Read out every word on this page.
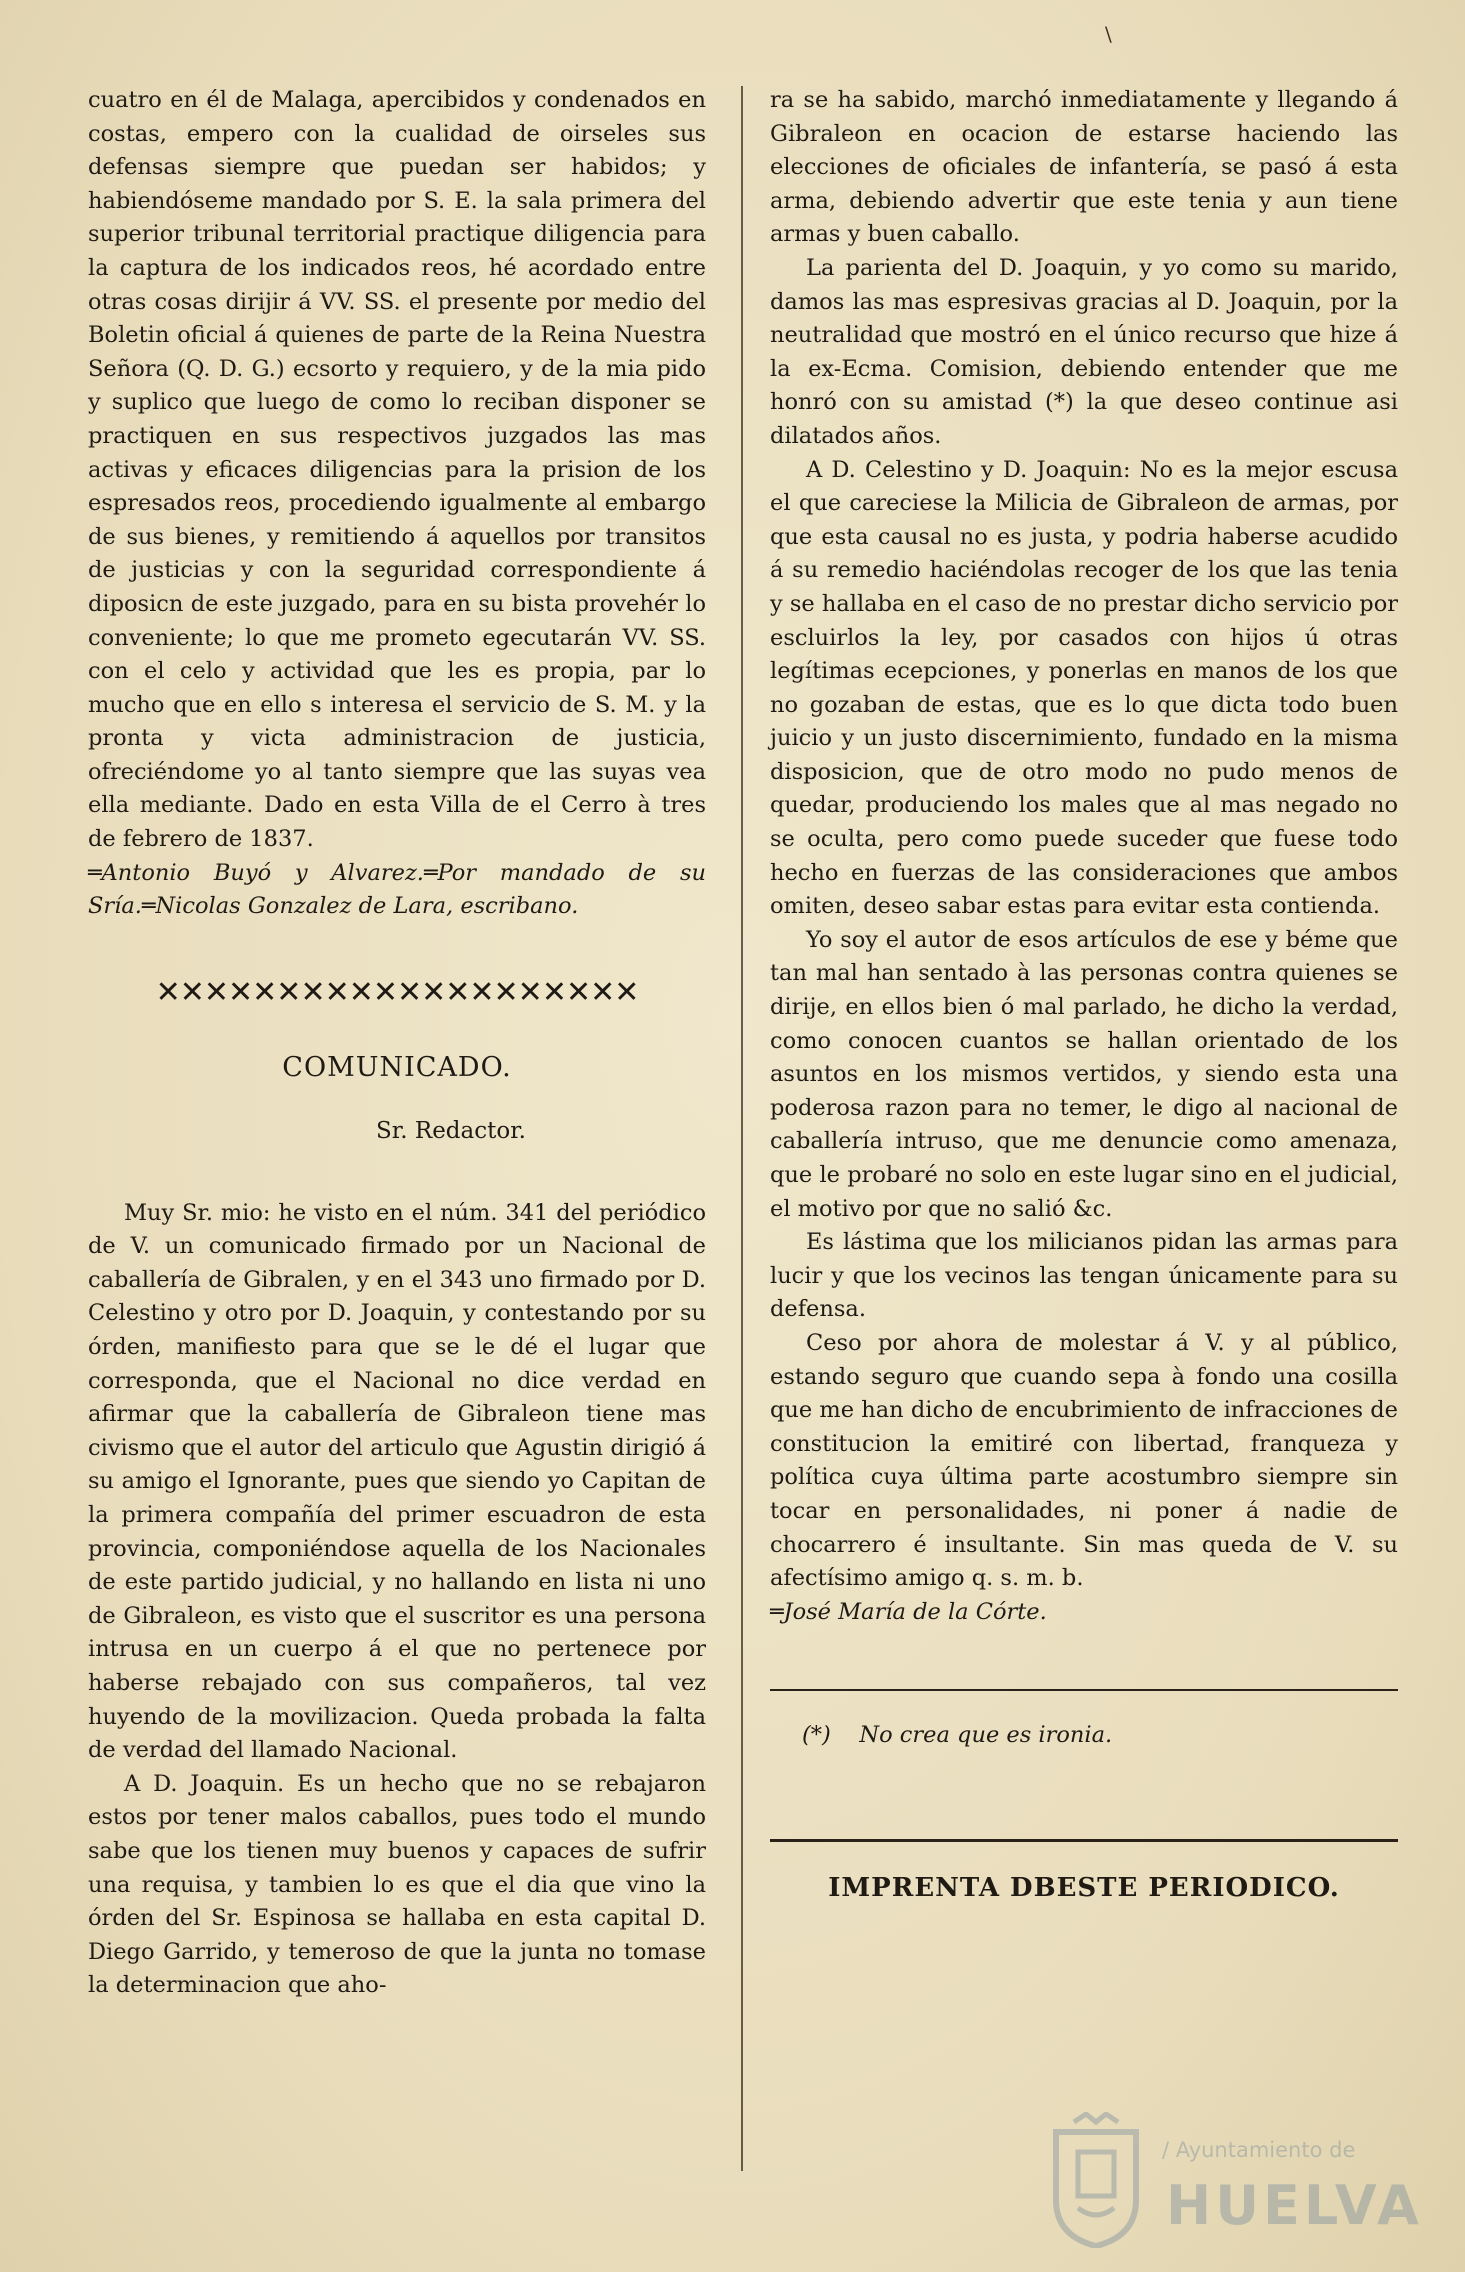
\

cuatro en él de Malaga, apercibidos y condenados en costas, empero con la cualidad de oirseles sus defensas siempre que puedan ser habidos; y habiendóseme mandado por S. E. la sala primera del superior tribunal territorial practique diligencia para la captura de los indicados reos, hé acordado entre otras cosas dirijir á VV. SS. el presente por medio del Boletin oficial á quienes de parte de la Reina Nuestra Señora (Q. D. G.) ecsorto y requiero, y de la mia pido y suplico que luego de como lo reciban disponer se practiquen en sus respectivos juzgados las mas activas y eficaces diligencias para la prision de los espresados reos, procediendo igualmente al embargo de sus bienes, y remitiendo á aquellos por transitos de justicias y con la seguridad correspondiente á diposicn de este juzgado, para en su bista provehér lo conveniente; lo que me prometo egecutarán VV. SS. con el celo y actividad que les es propia, par lo mucho que en ello s interesa el servicio de S. M. y la pronta y victa administracion de justicia, ofreciéndome yo al tanto siempre que las suyas vea ella mediante. Dado en esta Villa de el Cerro à tres de febrero de 1837.

═Antonio Buyó y Alvarez.═Por mandado de su Sría.═Nicolas Gonzalez de Lara, escribano.

✕✕✕✕✕✕✕✕✕✕✕✕✕✕✕✕✕✕✕✕
COMUNICADO.
Sr. Redactor.

Muy Sr. mio: he visto en el núm. 341 del periódico de V. un comunicado firmado por un Nacional de caballería de Gibralen, y en el 343 uno firmado por D. Celestino y otro por D. Joaquin, y contestando por su órden, manifiesto para que se le dé el lugar que corresponda, que el Nacional no dice verdad en afirmar que la caballería de Gibraleon tiene mas civismo que el autor del articulo que Agustin dirigió á su amigo el Ignorante, pues que siendo yo Capitan de la primera compañía del primer escuadron de esta provincia, componiéndose aquella de los Nacionales de este partido judicial, y no hallando en lista ni uno de Gibraleon, es visto que el suscritor es una persona intrusa en un cuerpo á el que no pertenece por haberse rebajado con sus compañeros, tal vez huyendo de la movilizacion. Queda probada la falta de verdad del llamado Nacional.

A D. Joaquin. Es un hecho que no se rebajaron estos por tener malos caballos, pues todo el mundo sabe que los tienen muy buenos y capaces de sufrir una requisa, y tambien lo es que el dia que vino la órden del Sr. Espinosa se hallaba en esta capital D. Diego Garrido, y temeroso de que la junta no tomase la determinacion que aho-

ra se ha sabido, marchó inmediatamente y llegando á Gibraleon en ocacion de estarse haciendo las elecciones de oficiales de infantería, se pasó á esta arma, debiendo advertir que este tenia y aun tiene armas y buen caballo.

La parienta del D. Joaquin, y yo como su marido, damos las mas espresivas gracias al D. Joaquin, por la neutralidad que mostró en el único recurso que hize á la ex-Ecma. Comision, debiendo entender que me honró con su amistad (*) la que deseo continue asi dilatados años.

A D. Celestino y D. Joaquin: No es la mejor escusa el que careciese la Milicia de Gibraleon de armas, por que esta causal no es justa, y podria haberse acudido á su remedio haciéndolas recoger de los que las tenia y se hallaba en el caso de no prestar dicho servicio por escluirlos la ley, por casados con hijos ú otras legítimas ecepciones, y ponerlas en manos de los que no gozaban de estas, que es lo que dicta todo buen juicio y un justo discernimiento, fundado en la misma disposicion, que de otro modo no pudo menos de quedar, produciendo los males que al mas negado no se oculta, pero como puede suceder que fuese todo hecho en fuerzas de las consideraciones que ambos omiten, deseo sabar estas para evitar esta contienda.

Yo soy el autor de esos artículos de ese y béme que tan mal han sentado à las personas contra quienes se dirije, en ellos bien ó mal parlado, he dicho la verdad, como conocen cuantos se hallan orientado de los asuntos en los mismos vertidos, y siendo esta una poderosa razon para no temer, le digo al nacional de caballería intruso, que me denuncie como amenaza, que le probaré no solo en este lugar sino en el judicial, el motivo por que no salió &c.

Es lástima que los milicianos pidan las armas para lucir y que los vecinos las tengan únicamente para su defensa.

Ceso por ahora de molestar á V. y al público, estando seguro que cuando sepa à fondo una cosilla que me han dicho de encubrimiento de infracciones de constitucion la emitiré con libertad, franqueza y política cuya última parte acostumbro siempre sin tocar en personalidades, ni poner á nadie de chocarrero é insultante. Sin mas queda de V. su afectísimo amigo q. s. m. b.

═José María de la Córte.

(*) No crea que es ironia.

IMPRENTA DBESTE PERIODICO.
/ Ayuntamiento de
HUELVA
